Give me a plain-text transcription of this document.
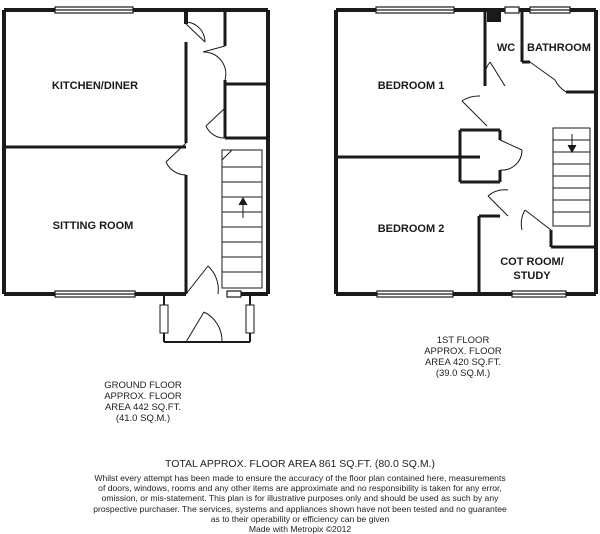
KITCHEN/DINER
SITTING ROOM
WC BATHROOM
BEDROOM 1
BEDROOM 2
COT ROOM/
STUDY
GROUND FLOOR
APPROX. FLOOR
AREA 442 SQ.FT.
(41.0 SQ.M.)
1ST FLOOR
APPROX. FLOOR
AREA 420 SQ.FT.
(39.0 SQ.M.)
TOTAL APPROX. FLOOR AREA 861 SQ.FT. (80.0 SQ.M.)
Whilst every attempt has been made to ensure the accuracy of the floor plan contained here, measurements
of doors, windows, rooms and any other items are approximate and no responsibility is taken for any error,
omission, or mis-statement. This plan is for illustrative purposes only and should be used as such by any
prospective purchaser. The services, systems and appliances shown have not been tested and no guarantee
as to their operability or efficiency can be given
Made with Metropix ©2012
